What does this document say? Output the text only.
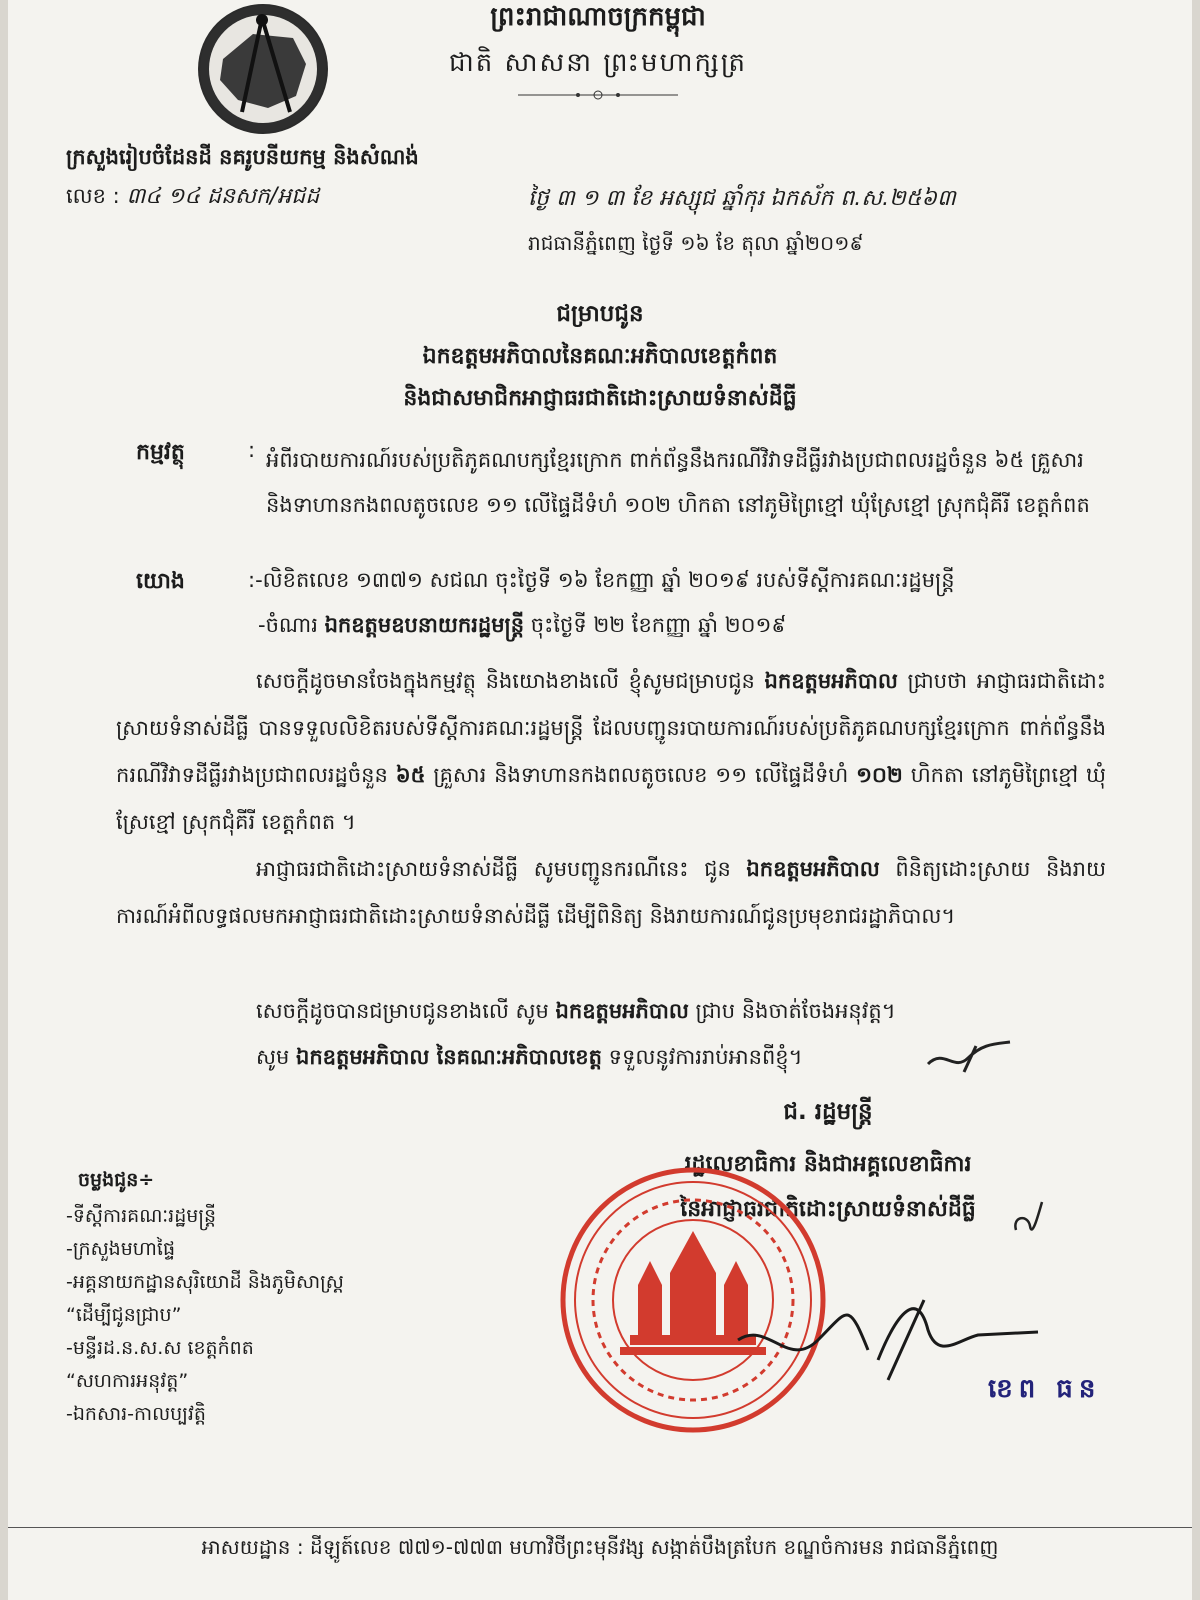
ព្រះរាជាណាចក្រកម្ពុជា
ជាតិ សាសនា ព្រះមហាក្សត្រ
ក្រសួងរៀបចំដែនដី នគរូបនីយកម្ម និងសំណង់
លេខ : ៣៤ ១៤ ដនសក/អជដ	ថ្ងៃ ៣ ១ ៣ ខែ អស្សុជ ឆ្នាំកុរ ឯកស័ក ព.ស.២៥៦៣
រាជធានីភ្នំពេញ ថ្ងៃទី ១៦ ខែ តុលា ឆ្នាំ២០១៩
ជម្រាបជូន
ឯកឧត្តមអភិបាលនៃគណៈអភិបាលខេត្តកំពត
និងជាសមាជិកអាជ្ញាធរជាតិដោះស្រាយទំនាស់ដីធ្លី
កម្មវត្ថុ	: អំពីរបាយការណ៍របស់ប្រតិភូគណបក្សខ្មែរក្រោក ពាក់ព័ន្ធនឹងករណីវិវាទដីធ្លីរវាងប្រជាពលរដ្ឋចំនួន ៦៥ គ្រួសារ និងទាហានកងពលតូចលេខ ១១ លើផ្ទៃដីទំហំ ១០២ ហិកតា នៅភូមិព្រៃខ្មៅ ឃុំស្រែខ្មៅ ស្រុកជុំគីរី ខេត្តកំពត
យោង	:-លិខិតលេខ ១៣៧១ សជណ ចុះថ្ងៃទី ១៦ ខែកញ្ញា ឆ្នាំ ២០១៩ របស់ទីស្តីការគណៈរដ្ឋមន្ត្រី
-ចំណារ ឯកឧត្តមឧបនាយករដ្ឋមន្ត្រី ចុះថ្ងៃទី ២២ ខែកញ្ញា ឆ្នាំ ២០១៩
សេចក្តីដូចមានចែងក្នុងកម្មវត្ថុ និងយោងខាងលើ ខ្ញុំសូមជម្រាបជូន ឯកឧត្តមអភិបាល ជ្រាបថា អាជ្ញាធរជាតិដោះស្រាយទំនាស់ដីធ្លី បានទទួលលិខិតរបស់ទីស្តីការគណៈរដ្ឋមន្ត្រី ដែលបញ្ជូនរបាយការណ៍របស់ប្រតិភូគណបក្សខ្មែរក្រោក ពាក់ព័ន្ធនឹងករណីវិវាទដីធ្លីរវាងប្រជាពលរដ្ឋចំនួន ៦៥ គ្រួសារ និងទាហានកងពលតូចលេខ ១១ លើផ្ទៃដីទំហំ ១០២ ហិកតា នៅភូមិព្រៃខ្មៅ ឃុំស្រែខ្មៅ ស្រុកជុំគីរី ខេត្តកំពត ។
អាជ្ញាធរជាតិដោះស្រាយទំនាស់ដីធ្លី សូមបញ្ជូនករណីនេះ ជូន ឯកឧត្តមអភិបាល ពិនិត្យដោះស្រាយ និងរាយការណ៍អំពីលទ្ធផលមកអាជ្ញាធរជាតិដោះស្រាយទំនាស់ដីធ្លី ដើម្បីពិនិត្យ និងរាយការណ៍ជូនប្រមុខរាជរដ្ឋាភិបាល។
សេចក្តីដូចបានជម្រាបជូនខាងលើ សូម ឯកឧត្តមអភិបាល ជ្រាប និងចាត់ចែងអនុវត្ត។
សូម ឯកឧត្តមអភិបាល នៃគណៈអភិបាលខេត្ត ទទួលនូវការរាប់អានពីខ្ញុំ។
ជ. រដ្ឋមន្ត្រី
រដ្ឋលេខាធិការ និងជាអគ្គលេខាធិការ
នៃអាជ្ញាធរជាតិដោះស្រាយទំនាស់ដីធ្លី
ខេព ធន
ចម្លងជូន÷
-ទីស្តីការគណៈរដ្ឋមន្ត្រី
-ក្រសួងមហាផ្ទៃ
-អគ្គនាយកដ្ឋានសុរិយោដី និងភូមិសាស្ត្រ
“ដើម្បីជូនជ្រាប”
-មន្ទីរដ.ន.ស.ស ខេត្តកំពត
“សហការអនុវត្ត”
-ឯកសារ-កាលប្បវត្តិ
អាសយដ្ឋាន : ដីឡូត៍លេខ ៧៧១-៧៧៣ មហាវិថីព្រះមុនីវង្ស សង្កាត់បឹងត្របែក ខណ្ឌចំការមន រាជធានីភ្នំពេញ
